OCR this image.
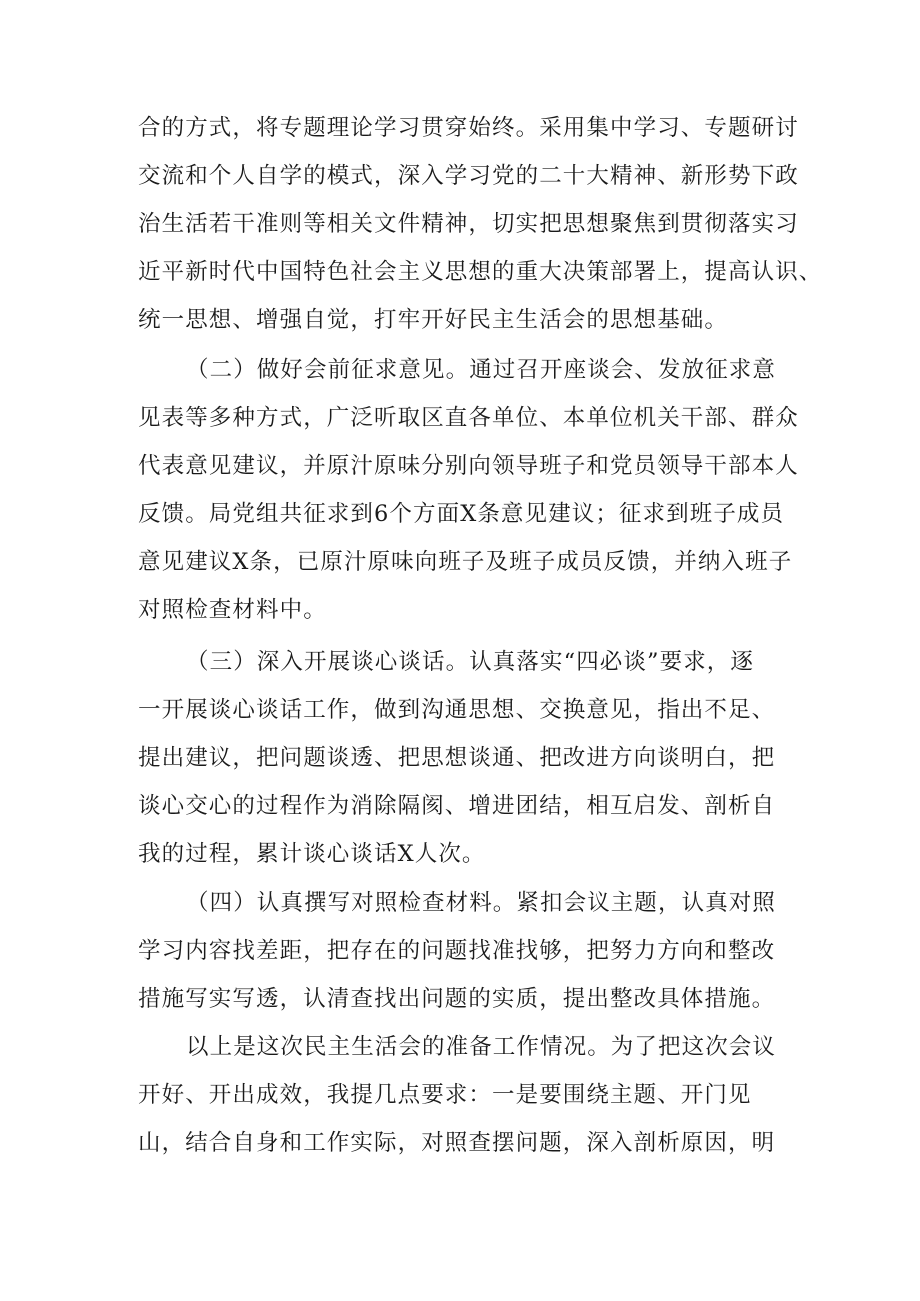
合的方式，将专题理论学习贯穿始终。采用集中学习、专题研讨

交流和个人自学的模式，深入学习党的二十大精神、新形势下政

治生活若干准则等相关文件精神，切实把思想聚焦到贯彻落实习

近平新时代中国特色社会主义思想的重大决策部署上，提高认识、

统一思想、增强自觉，打牢开好民主生活会的思想基础。

（二）做好会前征求意见。通过召开座谈会、发放征求意

见表等多种方式，广泛听取区直各单位、本单位机关干部、群众

代表意见建议，并原汁原味分别向领导班子和党员领导干部本人

反馈。局党组共征求到6个方面X条意见建议；征求到班子成员

意见建议X条，已原汁原味向班子及班子成员反馈，并纳入班子

对照检查材料中。

（三）深入开展谈心谈话。认真落实“四必谈”要求，逐

一开展谈心谈话工作，做到沟通思想、交换意见，指出不足、

提出建议，把问题谈透、把思想谈通、把改进方向谈明白，把

谈心交心的过程作为消除隔阂、增进团结，相互启发、剖析自

我的过程，累计谈心谈话X人次。

（四）认真撰写对照检查材料。紧扣会议主题，认真对照

学习内容找差距，把存在的问题找准找够，把努力方向和整改

措施写实写透，认清查找出问题的实质，提出整改具体措施。

以上是这次民主生活会的准备工作情况。为了把这次会议

开好、开出成效，我提几点要求：一是要围绕主题、开门见

山，结合自身和工作实际，对照查摆问题，深入剖析原因，明
